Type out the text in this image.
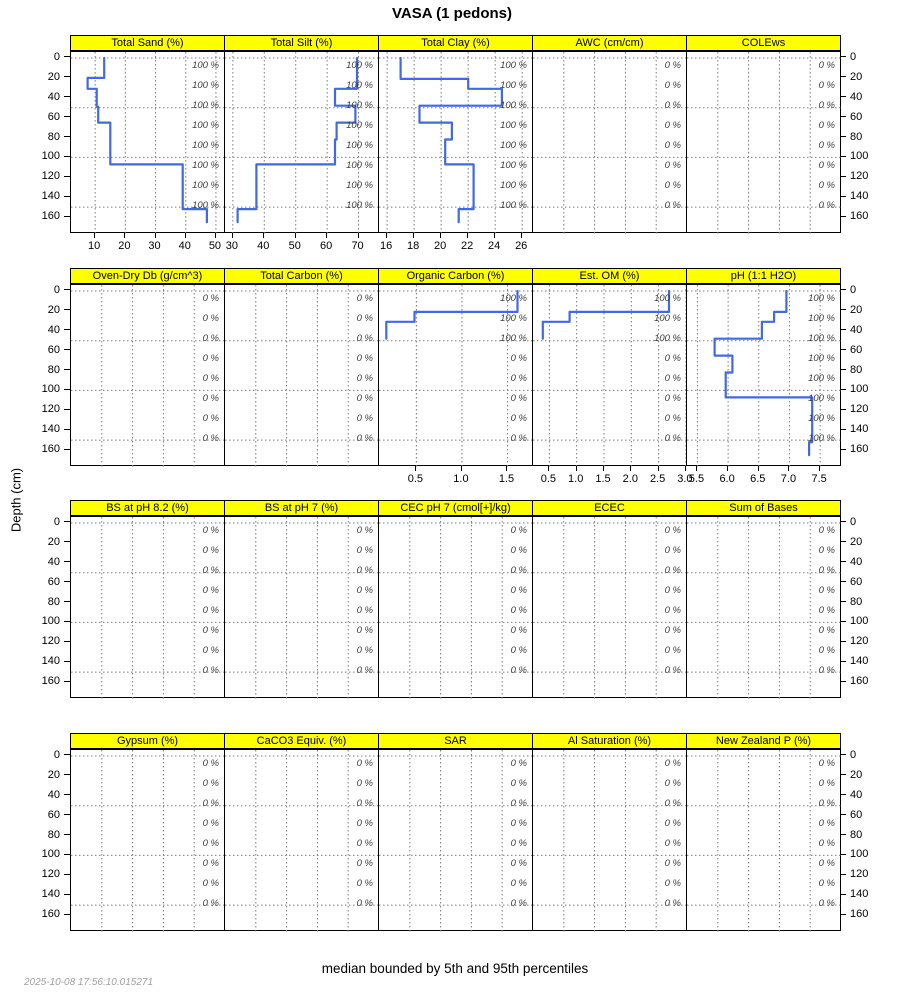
VASA (1 pedons)
Depth (cm)
0	0
20	20
40	40
60	60
80	80
100	100
120	120
140	140
160	160
Total Sand (%)
100 %
100 %
100 %
100 %
100 %
100 %
100 %
100 %
10	20	30	40	50
Total Silt (%)
100 %
100 %
100 %
100 %
100 %
100 %
100 %
100 %
30	40	50	60	70
Total Clay (%)
100 %
100 %
100 %
100 %
100 %
100 %
100 %
100 %
16	18	20	22	24	26
AWC (cm/cm)
0 %
0 %
0 %
0 %
0 %
0 %
0 %
0 %
COLEws
0 %
0 %
0 %
0 %
0 %
0 %
0 %
0 %
0	0
20	20
40	40
60	60
80	80
100	100
120	120
140	140
160	160
Oven-Dry Db (g/cm^3)
0 %
0 %
0 %
0 %
0 %
0 %
0 %
0 %
Total Carbon (%)
0 %
0 %
0 %
0 %
0 %
0 %
0 %
0 %
Organic Carbon (%)
100 %
100 %
100 %
0 %
0 %
0 %
0 %
0 %
0.5	1.0	1.5
Est. OM (%)
100 %
100 %
100 %
0 %
0 %
0 %
0 %
0 %
0.5	1.0	1.5	2.0	2.5	3.0
pH (1:1 H2O)
100 %
100 %
100 %
100 %
100 %
100 %
100 %
100 %
5.5	6.0	6.5	7.0	7.5
0	0
20	20
40	40
60	60
80	80
100	100
120	120
140	140
160	160
BS at pH 8.2 (%)
0 %
0 %
0 %
0 %
0 %
0 %
0 %
0 %
BS at pH 7 (%)
0 %
0 %
0 %
0 %
0 %
0 %
0 %
0 %
CEC pH 7 (cmol[+]/kg)
0 %
0 %
0 %
0 %
0 %
0 %
0 %
0 %
ECEC
0 %
0 %
0 %
0 %
0 %
0 %
0 %
0 %
Sum of Bases
0 %
0 %
0 %
0 %
0 %
0 %
0 %
0 %
0	0
20	20
40	40
60	60
80	80
100	100
120	120
140	140
160	160
Gypsum (%)
0 %
0 %
0 %
0 %
0 %
0 %
0 %
0 %
CaCO3 Equiv. (%)
0 %
0 %
0 %
0 %
0 %
0 %
0 %
0 %
SAR
0 %
0 %
0 %
0 %
0 %
0 %
0 %
0 %
Al Saturation (%)
0 %
0 %
0 %
0 %
0 %
0 %
0 %
0 %
New Zealand P (%)
0 %
0 %
0 %
0 %
0 %
0 %
0 %
0 %
median bounded by 5th and 95th percentiles
2025-10-08 17:56:10.015271
